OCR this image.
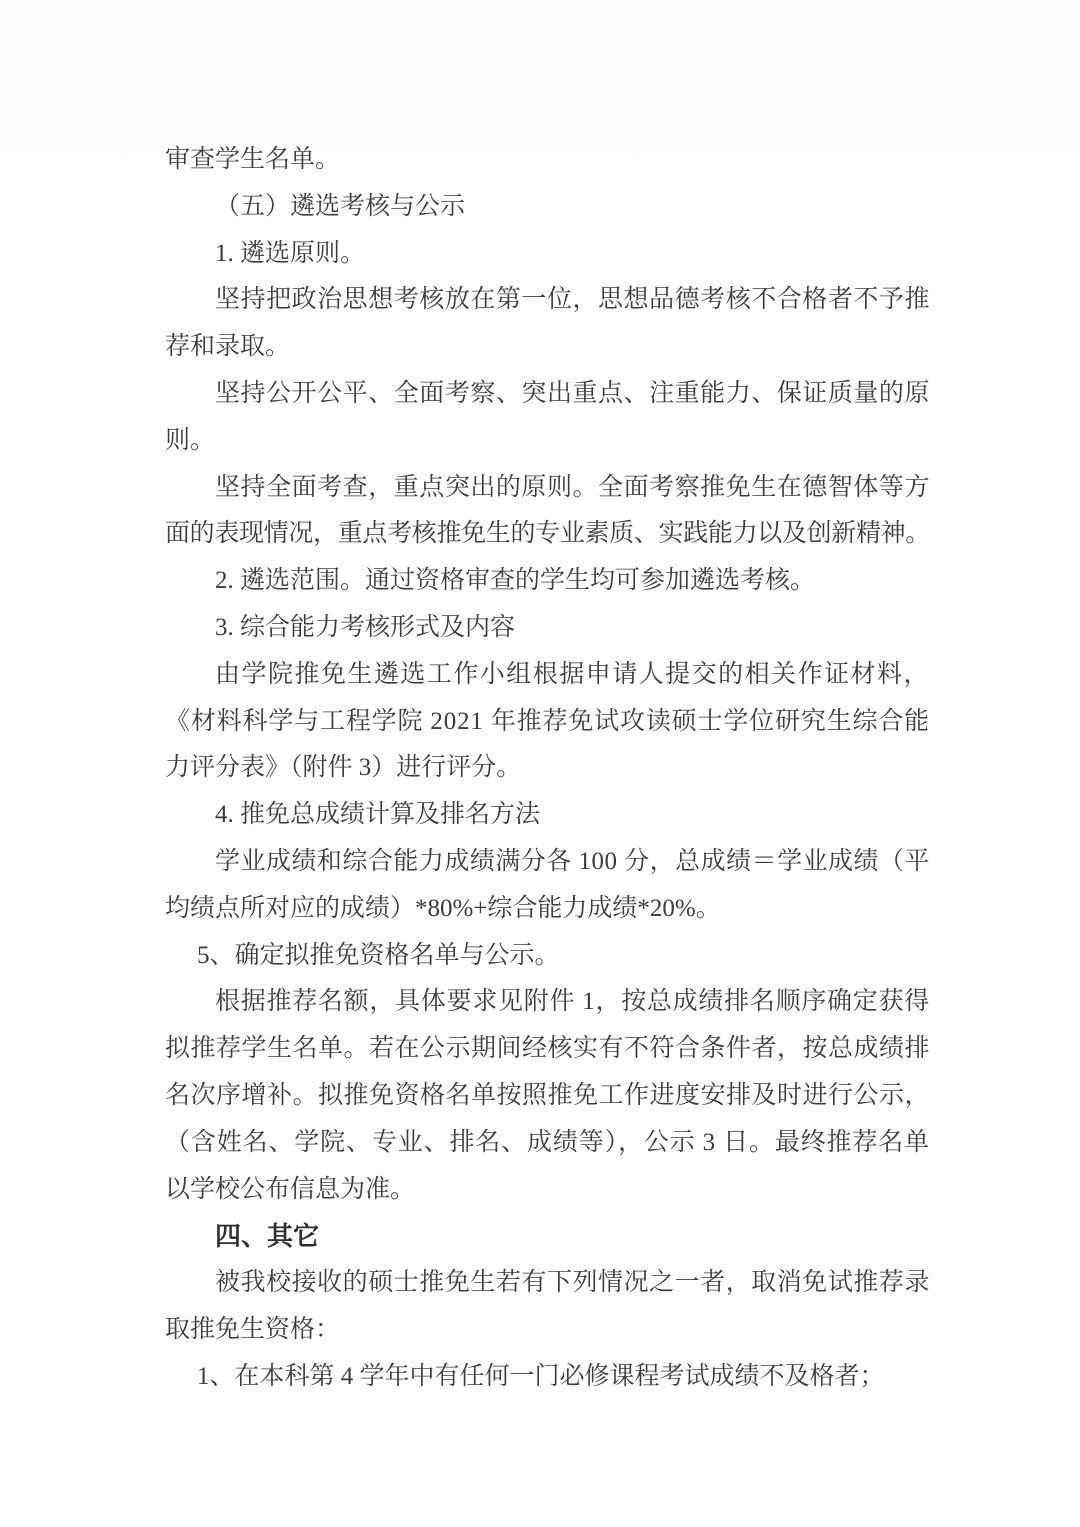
审查学生名单。
（五）遴选考核与公示
1. 遴选原则。
坚持把政治思想考核放在第一位，思想品德考核不合格者不予推
荐和录取。
坚持公开公平、全面考察、突出重点、注重能力、保证质量的原
则。
坚持全面考查，重点突出的原则。全面考察推免生在德智体等方
面的表现情况，重点考核推免生的专业素质、实践能力以及创新精神。
2. 遴选范围。通过资格审查的学生均可参加遴选考核。
3. 综合能力考核形式及内容
由学院推免生遴选工作小组根据申请人提交的相关作证材料，
《材料科学与工程学院 2021 年推荐免试攻读硕士学位研究生综合能
力评分表》（附件 3）进行评分。
4. 推免总成绩计算及排名方法
学业成绩和综合能力成绩满分各 100 分，总成绩＝学业成绩（平
均绩点所对应的成绩）*80%+综合能力成绩*20%。
5、确定拟推免资格名单与公示。
根据推荐名额，具体要求见附件 1，按总成绩排名顺序确定获得
拟推荐学生名单。若在公示期间经核实有不符合条件者，按总成绩排
名次序增补。拟推免资格名单按照推免工作进度安排及时进行公示，
（含姓名、学院、专业、排名、成绩等），公示 3 日。最终推荐名单
以学校公布信息为准。
四、其它
被我校接收的硕士推免生若有下列情况之一者，取消免试推荐录
取推免生资格：
1、在本科第 4 学年中有任何一门必修课程考试成绩不及格者；
